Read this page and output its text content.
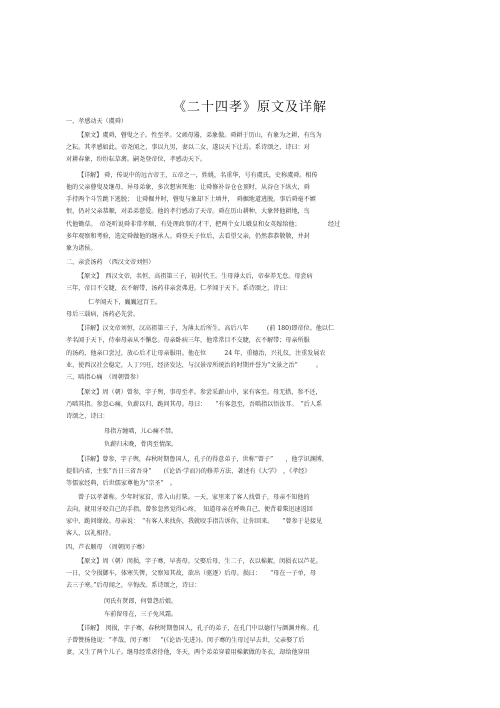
《二十四孝》原文及详解
一、孝感动天（虞舜）
【原文】虞舜，瞽叟之子。性至孝。父顽母嚣，弟象傲。舜耕于历山，有象为之耕，有鸟为
之耘。其孝感如此。帝尧闻之，事以九男，妻以二女，遂以天下让焉。系诗颂之，诗曰：对
对耕春象，纷纷耘草禽。嗣尧登帝位，孝感动天下。
【详解】 舜，传说中的远古帝王，五帝之一，姓姚，名重华，号有虞氏，史称虞舜。相传
他的父亲瞽叟及继母、异母弟象，多次想害死他：让舜修补谷仓仓顶时，从谷仓下纵火，舜
手持两个斗笠跳下逃脱；　让舜掘井时，瞽叟与象却下土填井，　舜掘地道逃脱。事后舜毫不嫉
恨，仍对父亲恭顺，对弟弟慈爱。他的孝行感动了天帝。舜在历山耕种，大象替他耕地，鸟
代他锄草。　帝尧听说舜非常孝顺，有处理政事的才干，把两个女儿娥皇和女英嫁给他；　　　　　经过
多年观察和考验，选定舜做他的继承人。舜登天子位后，去看望父亲，仍然恭恭敬敬，并封
象为诸侯。
二、亲尝汤药　（西汉文帝刘恒）
【原文】　西汉文帝，名恒，高祖第三子，初封代王。生母薄太后，帝奉养无怠。母尝病
三年，帝目不交睫，衣不解带，汤药非亲尝弗进。仁孝闻于天下。系诗颂之，诗曰：
仁孝闻天下，巍巍冠百王。
母后三载病，汤药必先尝。
【详解】汉文帝刘恒，汉高祖第三子，为薄太后所生。高后八年　　　(前 180)即帝位。他以仁
孝名闻于天下，侍奉母亲从不懈怠。母亲卧病三年，他常常目不交睫，衣不解带；母亲所服
的汤药，他亲口尝过，放心后才让母亲服用。他在位　　　24 年，重德治，兴礼仪，注重发展农
业，使西汉社会稳定，人丁兴旺，经济发达，与汉景帝所统治的时期并誉为“文景之治”　　　。
三、啮指心痛　（周朝曾参）
【原文】周（朝）曾参，字子舆，事母至孝。参尝采薪山中，家有客至。母无措，参不还，
乃啮其指。参忽心痛，负薪以归，跪问其母。母曰：　　“有客忽至，吾啮指以悟汝耳。　”后人系
诗颂之，诗曰：
母指方缠啮，儿心痛不禁。
负薪归未晚，骨肉至情深。
【详解】曾参，字子舆，春秋时期鲁国人，孔子的得意弟子，世称“曾子”　　，他学识渊博，
提倡内省，主张“吾日三省吾身”　　(《论语·学而》)的修养方法，著述有《大学》　，《孝经》
等儒家经典，后世儒家尊他为“宗圣”　。
曾子以孝著称。少年时家贫，常入山打柴。一天，家里来了客人找曾子，母亲不知他的
去向，就用牙咬自己的手指。曾参忽然觉得心疼，　知道母亲在呼唤自己，便背着柴迅速返回
家中，跪问缘故。母亲说：　“有客人来找你，我就咬手指告诉你，让你回来。　　”曾参于是接见
客人，以礼相待。
四、芦衣顺母　（周朝闵子骞）
【原文】周（朝）闵损，字子骞，早丧母。父娶后母，生二子，衣以棉絮，闵损衣以芦花。
一日，父令损御车，体寒失辔，父察知其故，欲出（驱逐）后母。损曰：　　“母在一子单，母
去三子寒。”后母闻之，卒悔改。系诗颂之，诗曰：
闵氏有贤郎，何曾怨后娘。
车前留母在，三子免风霜。
【详解】　闵损，字子骞，春秋时期鲁国人，孔子的弟子，在孔门中以德行与颜渊并称。孔
子曾赞扬他说：“孝哉，闵子骞！　”(《论语·先进》)。闵子骞的生母过早去世，父亲娶了后
妻，又生了两个儿子。继母经常虐待他，冬天，两个弟弟穿着用棉絮做的冬衣，却给他穿用
